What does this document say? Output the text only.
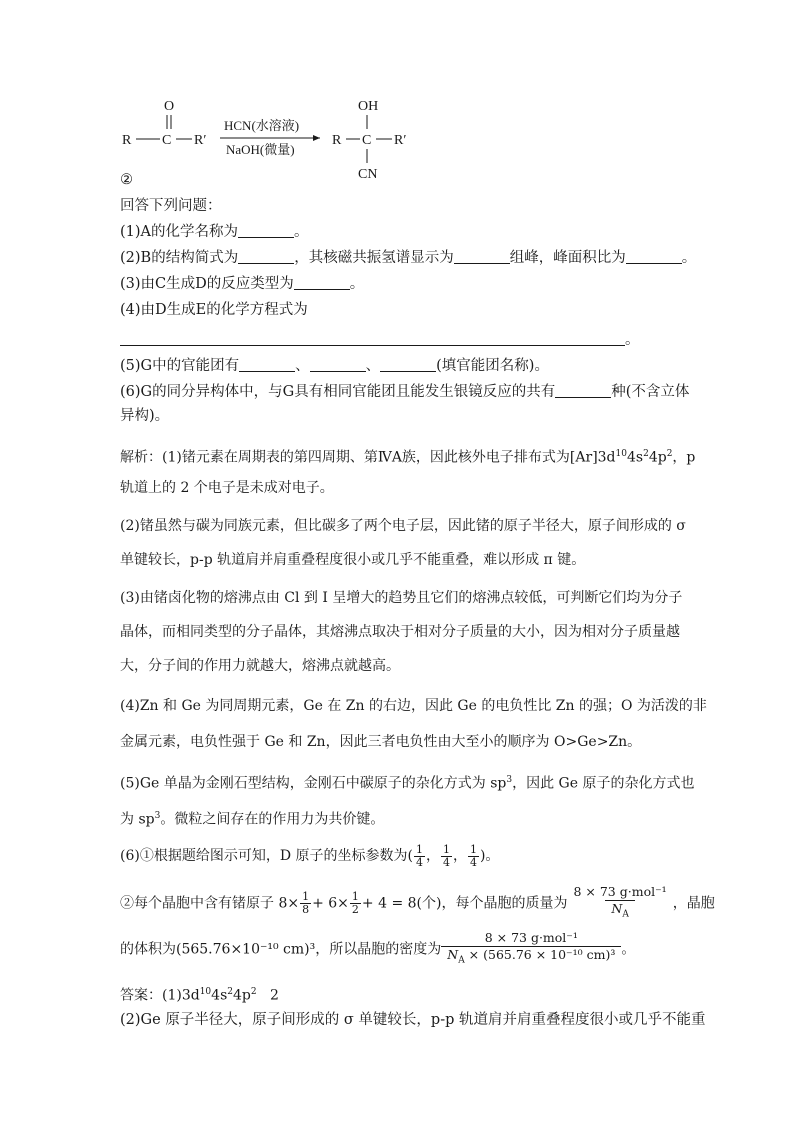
O
R C R′
HCN(水溶液)
NaOH(微量)
OH
R C R′
CN
②
回答下列问题：
(1)A的化学名称为	。
(2)B的结构简式为	，其核磁共振氢谱显示为	组峰，峰面积比为	。
(3)由C生成D的反应类型为	。
(4)由D生成E的化学方程式为
。
(5)G中的官能团有	、	、	(填官能团名称)。
(6)G的同分异构体中，与G具有相同官能团且能发生银镜反应的共有	种(不含立体
异构)。
解析：(1)锗元素在周期表的第四周期、第ⅣA族，因此核外电子排布式为$[Ar]3d^{10}4s^24p^2$，p
轨道上的 2 个电子是未成对电子。
(2)锗虽然与碳为同族元素，但比碳多了两个电子层，因此锗的原子半径大，原子间形成的 σ
单键较长，p-p 轨道肩并肩重叠程度很小或几乎不能重叠，难以形成 π 键。
(3)由锗卤化物的熔沸点由 Cl 到 I 呈增大的趋势且它们的熔沸点较低，可判断它们均为分子
晶体，而相同类型的分子晶体，其熔沸点取决于相对分子质量的大小，因为相对分子质量越
大，分子间的作用力就越大，熔沸点就越高。
(4)Zn 和 Ge 为同周期元素，Ge 在 Zn 的右边，因此 Ge 的电负性比 Zn 的强；O 为活泼的非
金属元素，电负性强于 Ge 和 Zn，因此三者电负性由大至小的顺序为 O>Ge>Zn。
(5)Ge 单晶为金刚石型结构，金刚石中碳原子的杂化方式为 $sp^3$，因此 Ge 原子的杂化方式也
为 $sp^3$。微粒之间存在的作用力为共价键。
(6)①根据题给图示可知，D 原子的坐标参数为( $\frac{1}{4}$ ， $\frac{1}{4}$ ， $\frac{1}{4}$ )。
②每个晶胞中含有锗原子 $8\times \frac{1}{8} + 6\times \frac{1}{2} + 4 = 8$(个)，每个晶胞的质量为 $\frac{\text{8 × 73 g·mol⁻¹}}{N_A}$ ，晶胞
的体积为(565.76×10⁻¹⁰ cm)³，所以晶胞的密度为 $\frac{\text{8 × 73 g·mol⁻¹}}{N_A \times (565.76 \times 10^{-10} cm)^3}$ 。
答案：$(1)3d^{10}4s^24p^2$   2
(2)Ge 原子半径大，原子间形成的 σ 单键较长，p-p 轨道肩并肩重叠程度很小或几乎不能重
